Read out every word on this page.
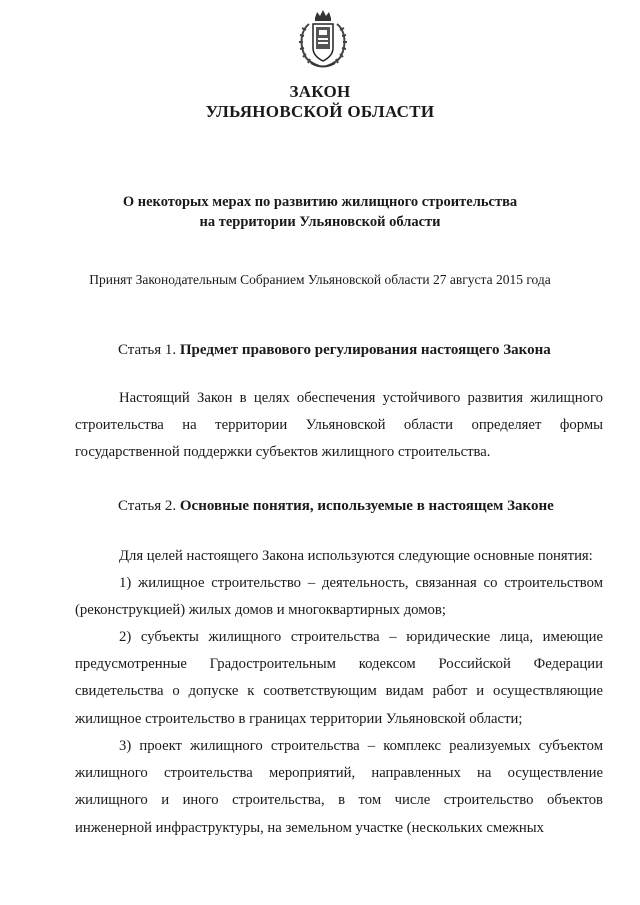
ЗАКОН
УЛЬЯНОВСКОЙ ОБЛАСТИ
О некоторых мерах по развитию жилищного строительства
на территории Ульяновской области
Принят Законодательным Собранием Ульяновской области 27 августа 2015 года
Статья 1. Предмет правового регулирования настоящего Закона
Настоящий Закон в целях обеспечения устойчивого развития жилищного строительства на территории Ульяновской области определяет формы государственной поддержки субъектов жилищного строительства.
Статья 2. Основные понятия, используемые в настоящем Законе
Для целей настоящего Закона используются следующие основные понятия:
1) жилищное строительство – деятельность, связанная со строительством (реконструкцией) жилых домов и многоквартирных домов;
2) субъекты жилищного строительства – юридические лица, имеющие предусмотренные Градостроительным кодексом Российской Федерации свидетельства о допуске к соответствующим видам работ и осуществляющие жилищное строительство в границах территории Ульяновской области;
3) проект жилищного строительства – комплекс реализуемых субъектом жилищного строительства мероприятий, направленных на осуществление жилищного и иного строительства, в том числе строительство объектов инженерной инфраструктуры, на земельном участке (нескольких смежных
